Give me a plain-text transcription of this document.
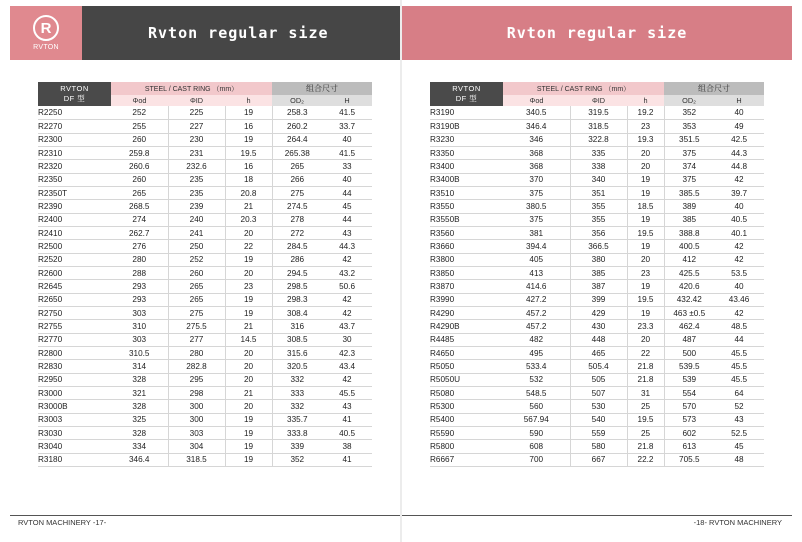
R
RVTON
Rvton regular size
RVTON
DF 型	STEEL / CAST RING （mm）			组合尺寸	
	Φod	ΦID	h	OD₂	H
R2250	252	225	19	258.3	41.5
R2270	255	227	16	260.2	33.7
R2300	260	230	19	264.4	40
R2310	259.8	231	19.5	265.38	41.5
R2320	260.6	232.6	16	265	33
R2350	260	235	18	266	40
R2350T	265	235	20.8	275	44
R2390	268.5	239	21	274.5	45
R2400	274	240	20.3	278	44
R2410	262.7	241	20	272	43
R2500	276	250	22	284.5	44.3
R2520	280	252	19	286	42
R2600	288	260	20	294.5	43.2
R2645	293	265	23	298.5	50.6
R2650	293	265	19	298.3	42
R2750	303	275	19	308.4	42
R2755	310	275.5	21	316	43.7
R2770	303	277	14.5	308.5	30
R2800	310.5	280	20	315.6	42.3
R2830	314	282.8	20	320.5	43.4
R2950	328	295	20	332	42
R3000	321	298	21	333	45.5
R3000B	328	300	20	332	43
R3003	325	300	19	335.7	41
R3030	328	303	19	333.8	40.5
R3040	334	304	19	339	38
R3180	346.4	318.5	19	352	41
RVTON MACHINERY -17-
Rvton regular size
RVTON
DF 型	STEEL / CAST RING （mm）			组合尺寸	
	Φod	ΦID	h	OD₂	H
R3190	340.5	319.5	19.2	352	40
R3190B	346.4	318.5	23	353	49
R3230	346	322.8	19.3	351.5	42.5
R3350	368	335	20	375	44.3
R3400	368	338	20	374	44.8
R3400B	370	340	19	375	42
R3510	375	351	19	385.5	39.7
R3550	380.5	355	18.5	389	40
R3550B	375	355	19	385	40.5
R3560	381	356	19.5	388.8	40.1
R3660	394.4	366.5	19	400.5	42
R3800	405	380	20	412	42
R3850	413	385	23	425.5	53.5
R3870	414.6	387	19	420.6	40
R3990	427.2	399	19.5	432.42	43.46
R4290	457.2	429	19	463 ±0.5	42
R4290B	457.2	430	23.3	462.4	48.5
R4485	482	448	20	487	44
R4650	495	465	22	500	45.5
R5050	533.4	505.4	21.8	539.5	45.5
R5050U	532	505	21.8	539	45.5
R5080	548.5	507	31	554	64
R5300	560	530	25	570	52
R5400	567.94	540	19.5	573	43
R5590	590	559	25	602	52.5
R5800	608	580	21.8	613	45
R6667	700	667	22.2	705.5	48
-18- RVTON MACHINERY
